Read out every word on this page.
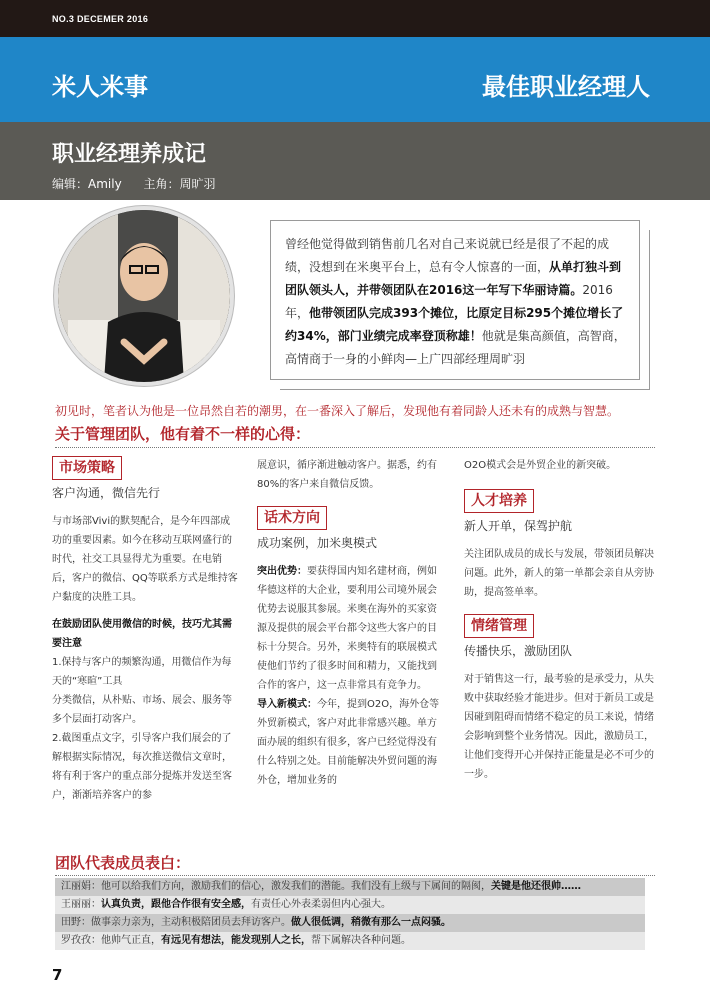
NO.3 DECEMER 2016
米人米事	最佳职业经理人
职业经理养成记
编辑：Amily 主角：周旷羽

曾经他觉得做到销售前几名对自己来说就已经是很了不起的成绩，没想到在米奥平台上，总有令人惊喜的一面，从单打独斗到团队领头人，并带领团队在2016这一年写下华丽诗篇。2016年，他带领团队完成393个摊位，比原定目标295个摊位增长了约34%，部门业绩完成率登顶称雄！他就是集高颜值，高智商，高情商于一身的小鲜肉—上广四部经理周旷羽

初见时，笔者认为他是一位昂然自若的潮男，在一番深入了解后，发现他有着同龄人还未有的成熟与智慧。
关于管理团队，他有着不一样的心得：
市场策略
客户沟通，微信先行

与市场部Vivi的默契配合，是今年四部成功的重要因素。如今在移动互联网盛行的时代，社交工具显得尤为重要。在电销后，客户的微信、QQ等联系方式是维持客户黏度的决胜工具。

在鼓励团队使用微信的时候，技巧尤其需要注意

1.保持与客户的频繁沟通，用微信作为每天的“寒暄”工具

分类微信，从朴贴、市场、展会、服务等多个层面打动客户。

2.截图重点文字，引导客户我们展会的了解根据实际情况，每次推送微信文章时，将有利于客户的重点部分提炼并发送至客户，渐渐培养客户的参

展意识，循序渐进触动客户。据悉，约有80%的客户来自微信反馈。

话术方向
成功案例，加米奥模式

突出优势：要获得国内知名建材商，例如华德这样的大企业，要利用公司境外展会优势去说服其参展。米奥在海外的买家资源及提供的展会平台都令这些大客户的目标十分契合。另外，米奥特有的联展模式使他们节约了很多时间和精力，又能找到合作的客户，这一点非常具有竞争力。

导入新模式：今年，提到O2O，海外仓等外贸新模式，客户对此非常感兴趣。单方面办展的组织有很多，客户已经觉得没有什么特别之处。目前能解决外贸问题的海外仓，增加业务的

O2O模式会是外贸企业的新突破。

人才培养
新人开单，保驾护航

关注团队成员的成长与发展，带领团员解决问题。此外，新人的第一单都会亲自从旁协助，提高签单率。

情绪管理
传播快乐，激励团队

对于销售这一行，最考验的是承受力，从失败中获取经验才能进步。但对于新员工或是因碰到阻碍而情绪不稳定的员工来说，情绪会影响到整个业务情况。因此，激励员工，让他们变得开心并保持正能量是必不可少的一步。

团队代表成员表白：
江丽娟：他可以给我们方向，激励我们的信心，激发我们的潜能。我们没有上级与下属间的隔阂，关键是他还很帅……
王丽丽：认真负责，跟他合作很有安全感，有责任心外表柔弱但内心强大。
田野：做事亲力亲为，主动积极陪团员去拜访客户。做人很低调，稍微有那么一点闷骚。
罗孜孜：他帅气正直，有远见有想法，能发现别人之长，帮下属解决各种问题。
7
